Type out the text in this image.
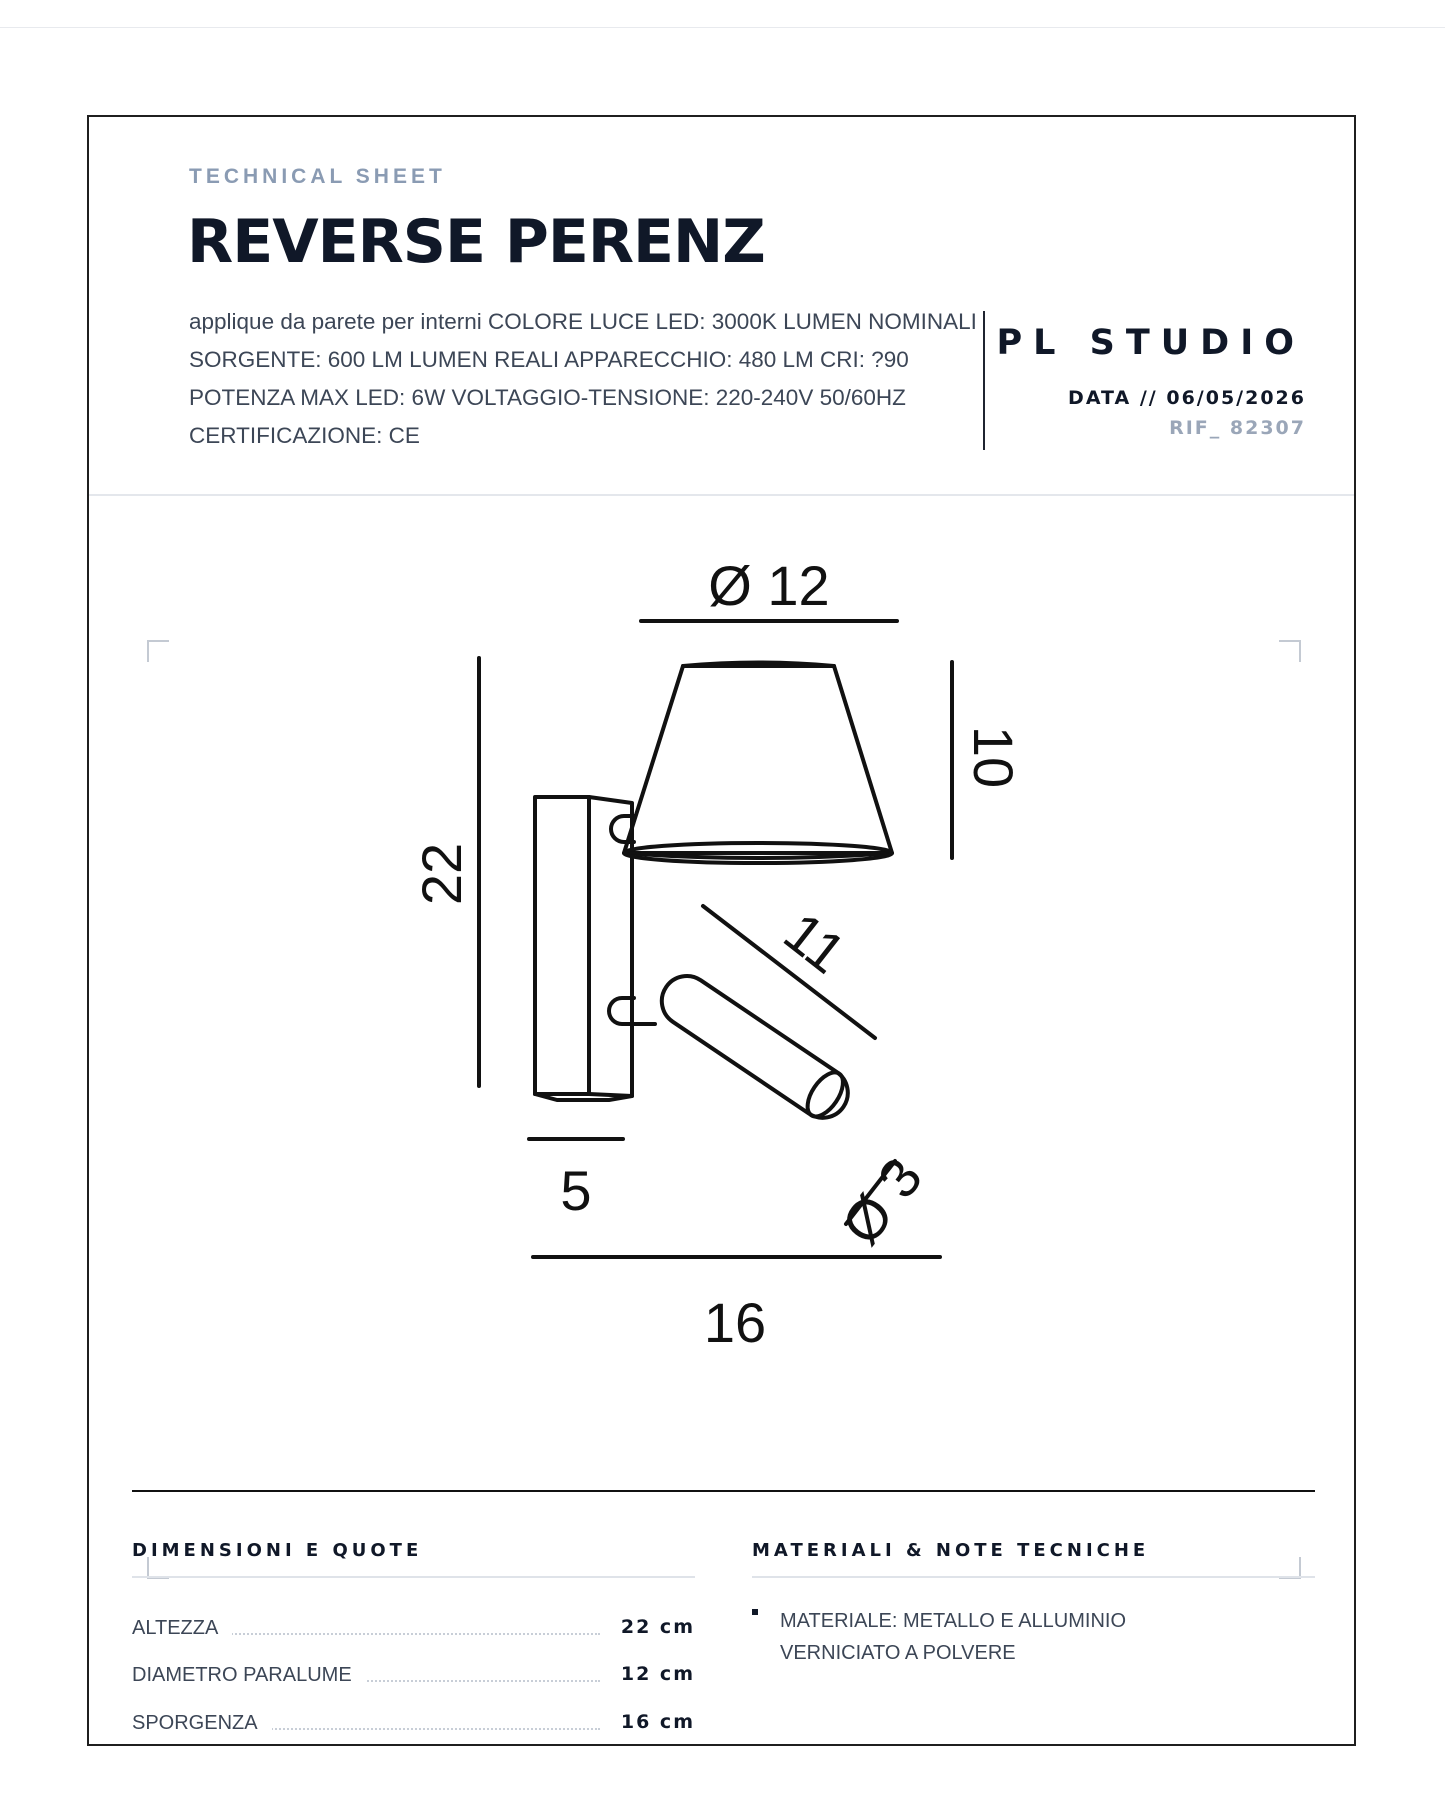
TECHNICAL SHEET
REVERSE PERENZ
applique da parete per interni COLORE LUCE LED: 3000K LUMEN NOMINALI SORGENTE: 600 LM LUMEN REALI APPARECCHIO: 480 LM CRI: ?90 POTENZA MAX LED: 6W VOLTAGGIO-TENSIONE: 220-240V 50/60HZ CERTIFICAZIONE: CE
PL STUDIO
DATA // 06/05/2026
RIF_ 82307
Ø 12
22
10
11
5	Ø 3
16
DIMENSIONI E QUOTE
ALTEZZA	22 cm
DIAMETRO PARALUME	12 cm
SPORGENZA	16 cm
MATERIALI & NOTE TECNICHE
MATERIALE: METALLO E ALLUMINIO VERNICIATO A POLVERE
